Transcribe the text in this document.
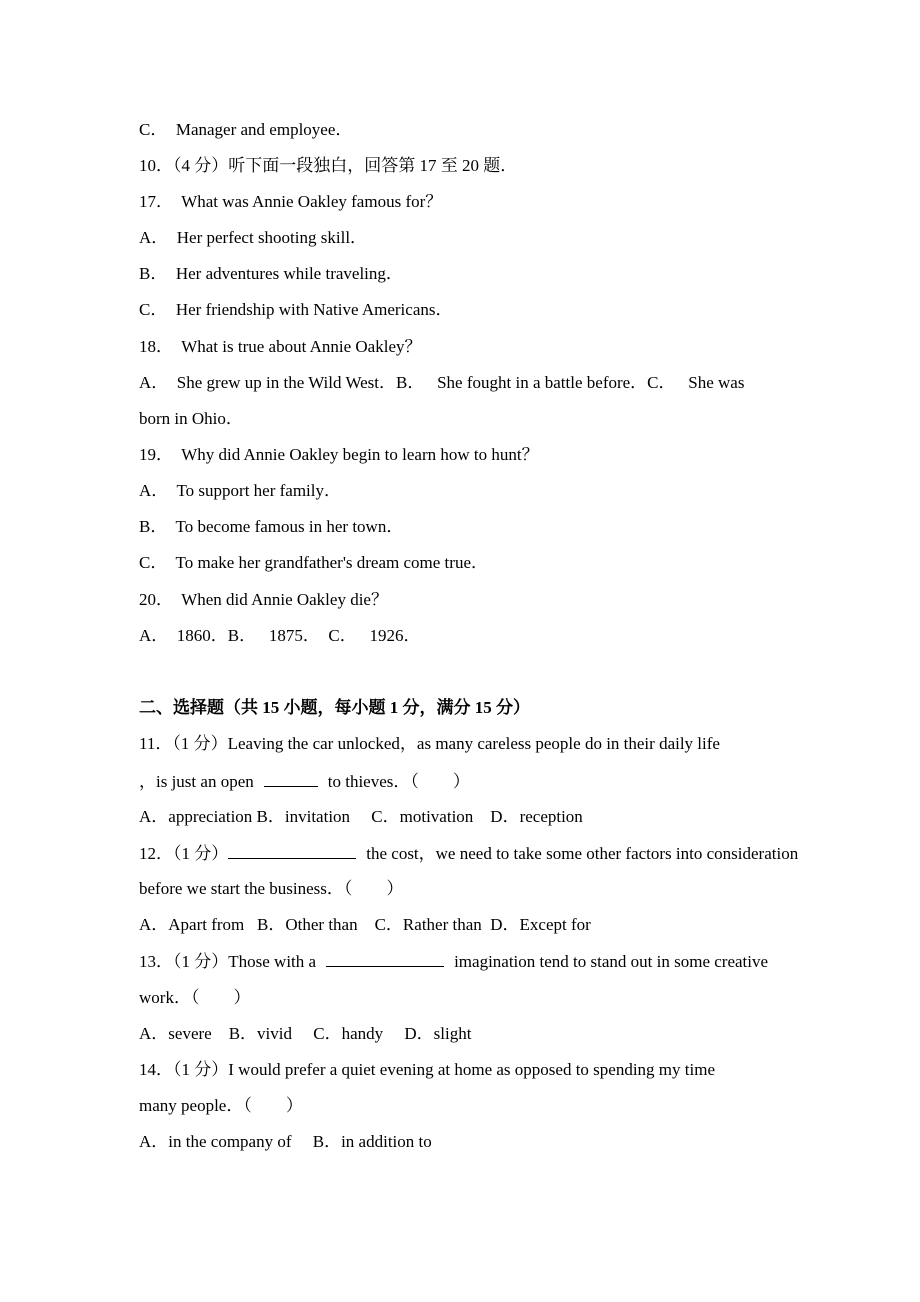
C．  Manager and employee．
10．（4 分）听下面一段独白，回答第 17 至 20 题．
17．  What was Annie Oakley famous for？
A．  Her perfect shooting skill．
B．  Her adventures while traveling．
C．  Her friendship with Native Americans．
18．  What is true about Annie Oakley？
A．  She grew up in the Wild West．B．   She fought in a battle before．C．   She was
born in Ohio．
19．  Why did Annie Oakley begin to learn how to hunt？
A．  To support her family．
B．  To become famous in her town．
C．  To make her grandfather's dream come true．
20．  When did Annie Oakley die？
A．  1860．B．   1875．  C．   1926．
二、选择题（共 15 小题，每小题 1 分，满分 15 分）
11．（1 分）Leaving the car unlocked，as many careless people do in their daily life
，is just an open	to thieves．（        ）
A．appreciation B．invitation     C．motivation    D．reception
12．（1 分）	the cost，we need to take some other factors into consideration
before we start the business．（        ）
A．Apart from   B．Other than    C．Rather than  D．Except for
13．（1 分）Those with a	imagination tend to stand out in some creative
work．（        ）
A．severe    B．vivid     C．handy     D．slight
14．（1 分）I would prefer a quiet evening at home as opposed to spending my time
many people．（        ）
A．in the company of     B．in addition to
